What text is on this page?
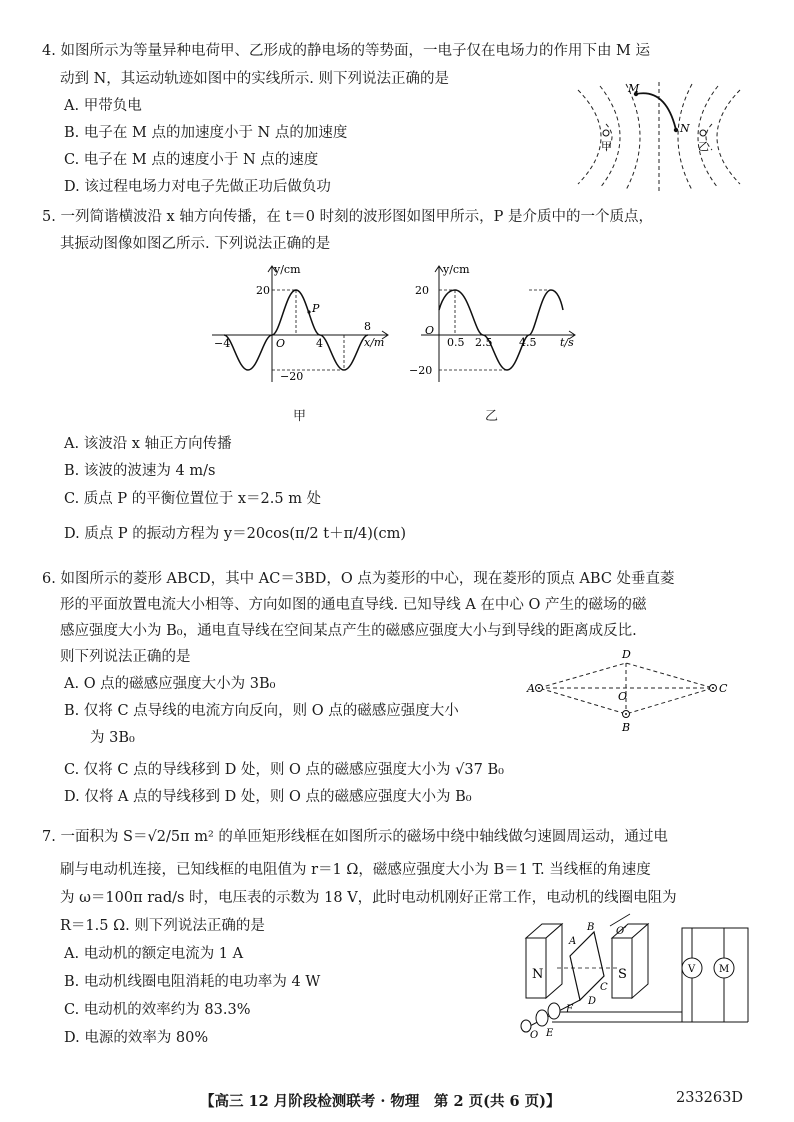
4. 如图所示为等量异种电荷甲、乙形成的静电场的等势面，一电子仅在电场力的作用下由 M 运
动到 N，其运动轨迹如图中的实线所示. 则下列说法正确的是
A. 甲带负电
B. 电子在 M 点的加速度小于 N 点的加速度
C. 电子在 M 点的速度小于 N 点的速度
D. 该过程电场力对电子先做正功后做负功
M
N
甲	乙
5. 一列简谐横波沿 x 轴方向传播，在 t＝0 时刻的波形图如图甲所示，P 是介质中的一个质点，
其振动图像如图乙所示. 下列说法正确的是
y/cm
x/m
20
−20
−4	O	4
8
P
甲
y/cm
t/s
20
−20
O
0.5 2.5 4.5
乙
A. 该波沿 x 轴正方向传播
B. 该波的波速为 4 m/s
C. 质点 P 的平衡位置位于 x＝2.5 m 处
D. 质点 P 的振动方程为 y＝20cos(π/2 t＋π/4)(cm)
6. 如图所示的菱形 ABCD，其中 AC＝3BD，O 点为菱形的中心，现在菱形的顶点 ABC 处垂直菱
形的平面放置电流大小相等、方向如图的通电直导线. 已知导线 A 在中心 O 产生的磁场的磁
感应强度大小为 B₀，通电直导线在空间某点产生的磁感应强度大小与到导线的距离成反比.
则下列说法正确的是
A	C
D
B
O
A. O 点的磁感应强度大小为 3B₀
B. 仅将 C 点导线的电流方向反向，则 O 点的磁感应强度大小
为 3B₀
C. 仅将 C 点的导线移到 D 处，则 O 点的磁感应强度大小为 √37 B₀
D. 仅将 A 点的导线移到 D 处，则 O 点的磁感应强度大小为 B₀
7. 一面积为 S＝√2/5π m² 的单匝矩形线框在如图所示的磁场中绕中轴线做匀速圆周运动，通过电
刷与电动机连接，已知线框的电阻值为 r＝1 Ω，磁感应强度大小为 B＝1 T. 当线框的角速度
为 ω＝100π rad/s 时，电压表的示数为 18 V，此时电动机刚好正常工作，电动机的线圈电阻为
R＝1.5 Ω. 则下列说法正确的是
A. 电动机的额定电流为 1 A
B. 电动机线圈电阻消耗的电功率为 4 W
C. 电动机的效率约为 83.3%
D. 电源的效率为 80%
N	S
A
B
C
D
E
F
O
O′
V M
【高三 12 月阶段检测联考 · 物理　第 2 页(共 6 页)】	233263D
